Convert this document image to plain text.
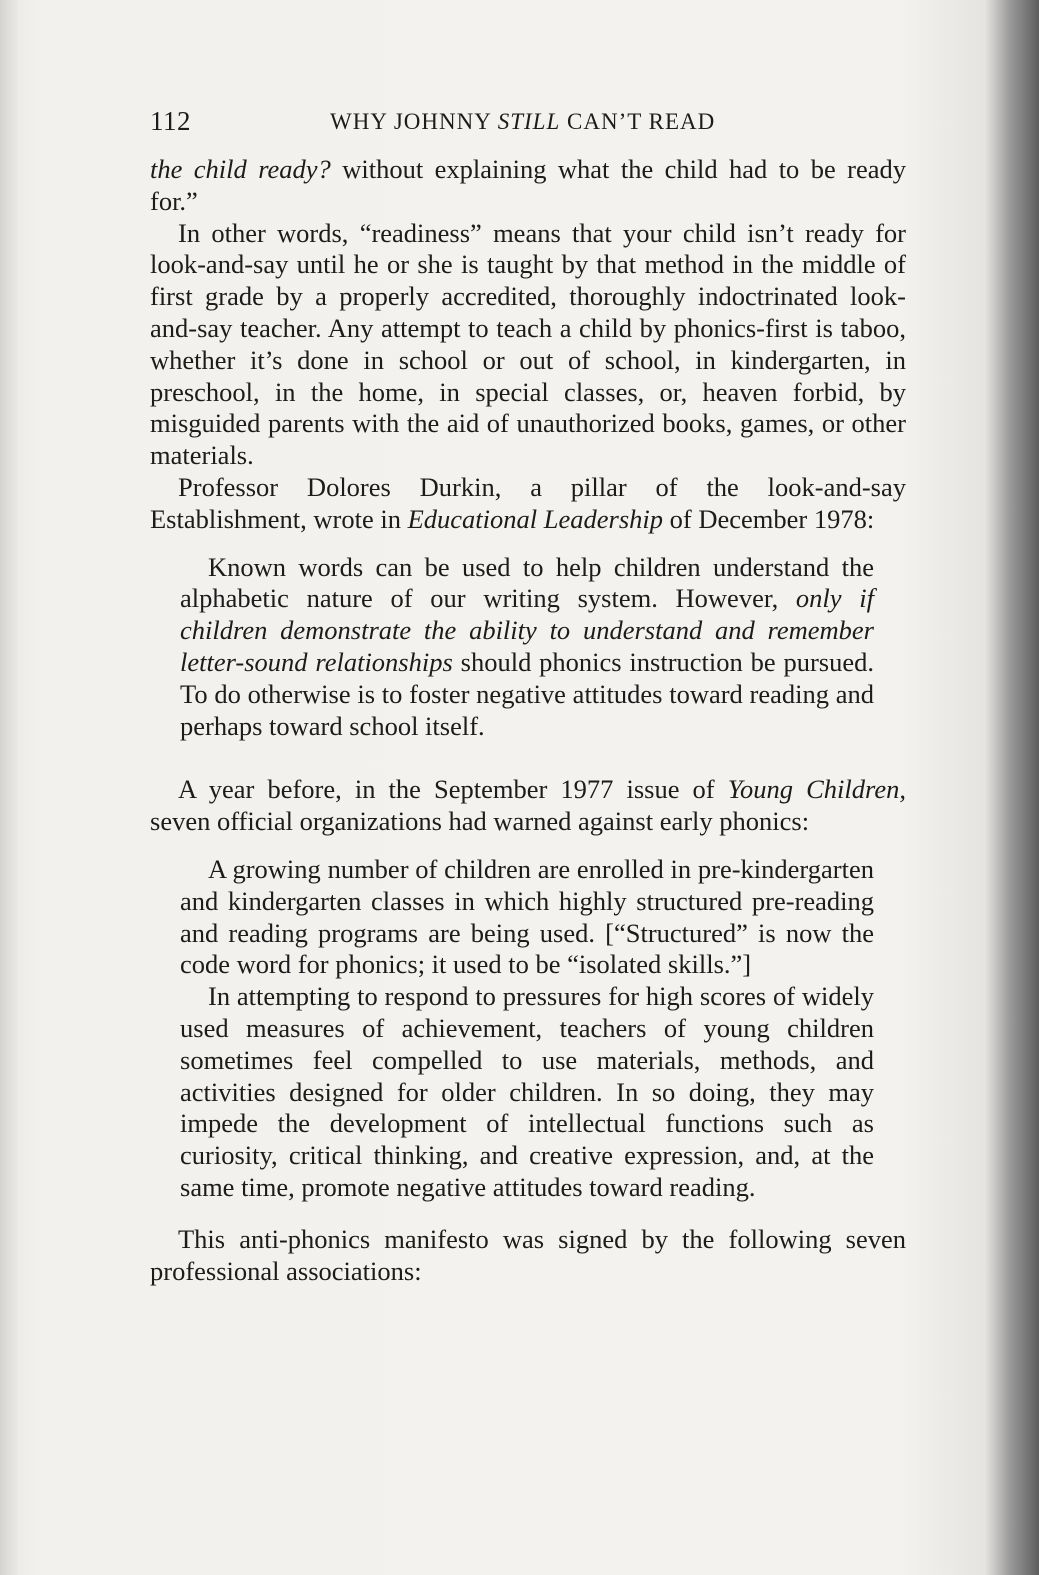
112	WHY JOHNNY STILL CAN’T READ

the child ready? without explaining what the child had to be ready for.”

In other words, “readiness” means that your child isn’t ready for look-and-say until he or she is taught by that method in the middle of first grade by a properly accredited, thoroughly indoctrinated look-and-say teacher. Any attempt to teach a child by phonics-first is taboo, whether it’s done in school or out of school, in kindergarten, in preschool, in the home, in special classes, or, heaven forbid, by misguided parents with the aid of unauthorized books, games, or other materials.

Professor Dolores Durkin, a pillar of the look-and-say Establishment, wrote in Educational Leadership of December 1978:

Known words can be used to help children understand the alphabetic nature of our writing system. However, only if children demonstrate the ability to understand and remember letter-sound relationships should phonics instruction be pursued. To do otherwise is to foster negative attitudes toward reading and perhaps toward school itself.

A year before, in the September 1977 issue of Young Children, seven official organizations had warned against early phonics:

A growing number of children are enrolled in pre-kindergarten and kindergarten classes in which highly structured pre-reading and reading programs are being used. [“Structured” is now the code word for phonics; it used to be “isolated skills.”]

In attempting to respond to pressures for high scores of widely used measures of achievement, teachers of young children sometimes feel compelled to use materials, methods, and activities designed for older children. In so doing, they may impede the development of intellectual functions such as curiosity, critical thinking, and creative expression, and, at the same time, promote negative attitudes toward reading.

This anti-phonics manifesto was signed by the following seven professional associations:
